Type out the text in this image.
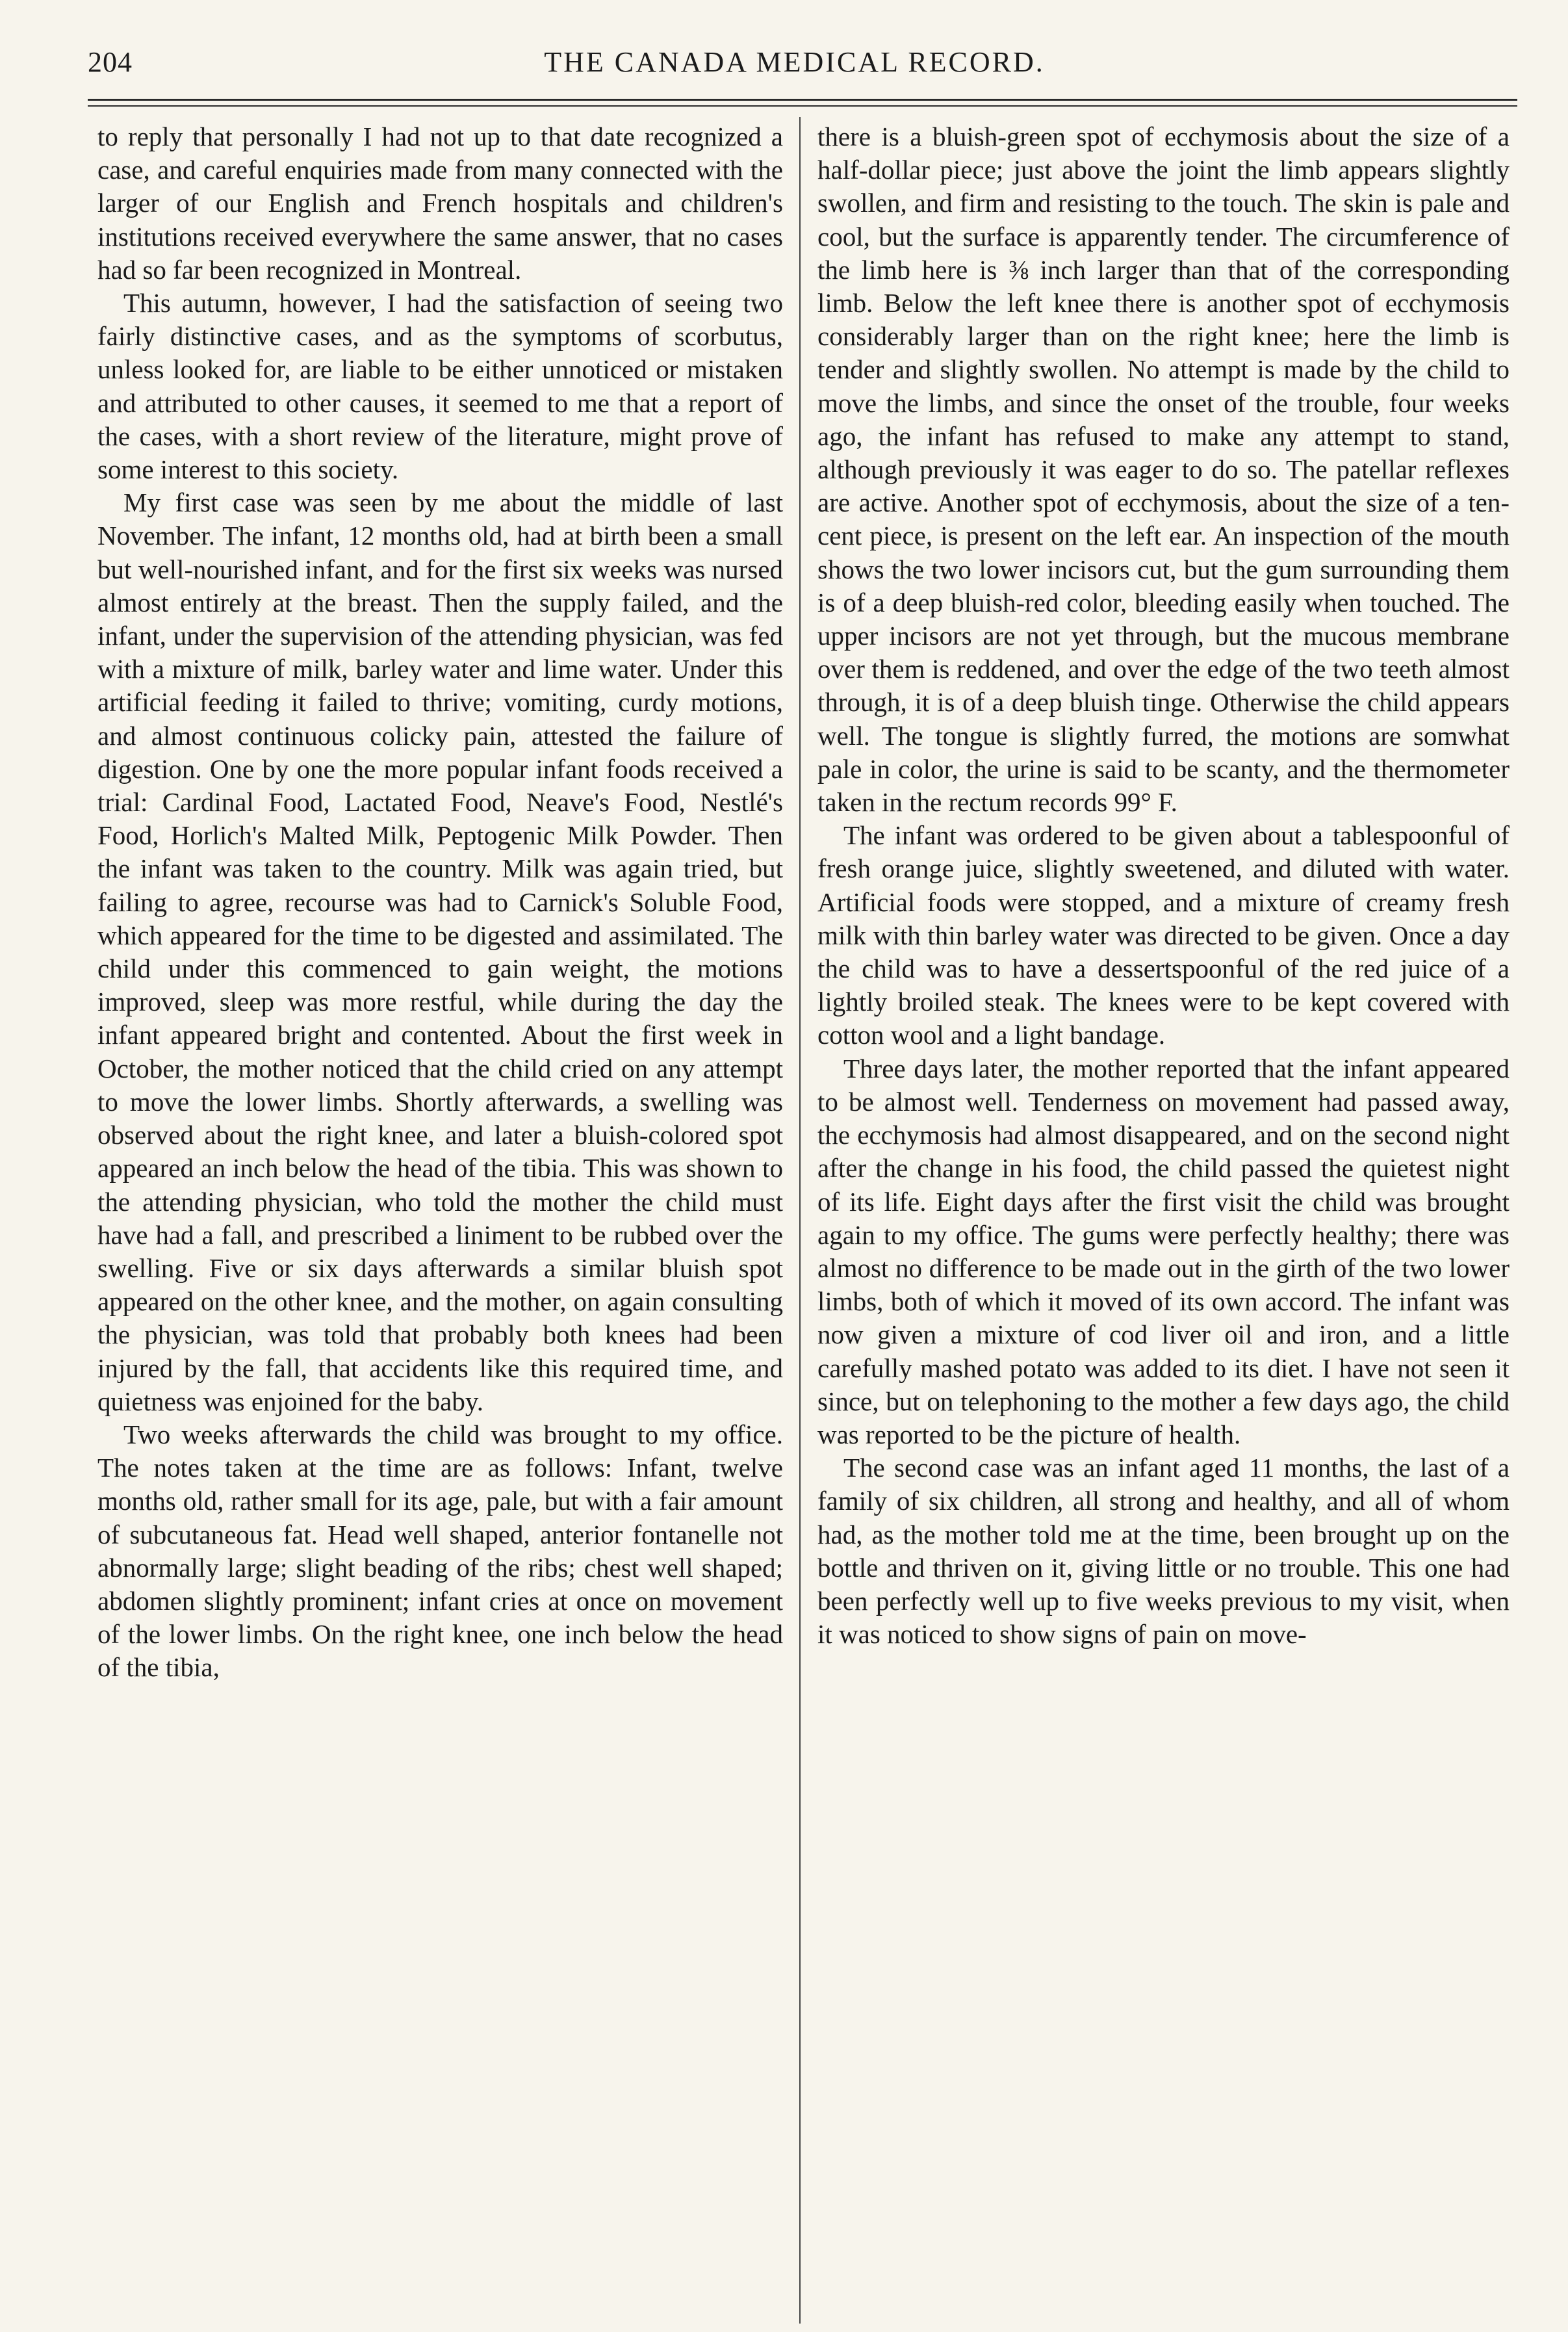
204	THE CANADA MEDICAL RECORD.

to reply that personally I had not up to that date recognized a case, and careful enquiries made from many connected with the larger of our English and French hospitals and children's institutions received everywhere the same answer, that no cases had so far been recognized in Montreal.

This autumn, however, I had the satisfaction of seeing two fairly distinctive cases, and as the symptoms of scorbutus, unless looked for, are liable to be either unnoticed or mistaken and attributed to other causes, it seemed to me that a report of the cases, with a short review of the literature, might prove of some interest to this society.

My first case was seen by me about the middle of last November. The infant, 12 months old, had at birth been a small but well-nourished infant, and for the first six weeks was nursed almost entirely at the breast. Then the supply failed, and the infant, under the supervision of the attending physician, was fed with a mixture of milk, barley water and lime water. Under this artificial feeding it failed to thrive; vomiting, curdy motions, and almost continuous colicky pain, attested the failure of digestion. One by one the more popular infant foods received a trial: Cardinal Food, Lactated Food, Neave's Food, Nestlé's Food, Horlich's Malted Milk, Peptogenic Milk Powder. Then the infant was taken to the country. Milk was again tried, but failing to agree, recourse was had to Carnick's Soluble Food, which appeared for the time to be digested and assimilated. The child under this commenced to gain weight, the motions improved, sleep was more restful, while during the day the infant appeared bright and contented. About the first week in October, the mother noticed that the child cried on any attempt to move the lower limbs. Shortly afterwards, a swelling was observed about the right knee, and later a bluish-colored spot appeared an inch below the head of the tibia. This was shown to the attending physician, who told the mother the child must have had a fall, and prescribed a liniment to be rubbed over the swelling. Five or six days afterwards a similar bluish spot appeared on the other knee, and the mother, on again consulting the physician, was told that probably both knees had been injured by the fall, that accidents like this required time, and quietness was enjoined for the baby.

Two weeks afterwards the child was brought to my office. The notes taken at the time are as follows: Infant, twelve months old, rather small for its age, pale, but with a fair amount of subcutaneous fat. Head well shaped, anterior fontanelle not abnormally large; slight beading of the ribs; chest well shaped; abdomen slightly prominent; infant cries at once on movement of the lower limbs. On the right knee, one inch below the head of the tibia,

there is a bluish-green spot of ecchymosis about the size of a half-dollar piece; just above the joint the limb appears slightly swollen, and firm and resisting to the touch. The skin is pale and cool, but the surface is apparently tender. The circumference of the limb here is ⅜ inch larger than that of the corresponding limb. Below the left knee there is another spot of ecchymosis considerably larger than on the right knee; here the limb is tender and slightly swollen. No attempt is made by the child to move the limbs, and since the onset of the trouble, four weeks ago, the infant has refused to make any attempt to stand, although previously it was eager to do so. The patellar reflexes are active. Another spot of ecchymosis, about the size of a ten-cent piece, is present on the left ear. An inspection of the mouth shows the two lower incisors cut, but the gum surrounding them is of a deep bluish-red color, bleeding easily when touched. The upper incisors are not yet through, but the mucous membrane over them is reddened, and over the edge of the two teeth almost through, it is of a deep bluish tinge. Otherwise the child appears well. The tongue is slightly furred, the motions are somwhat pale in color, the urine is said to be scanty, and the thermometer taken in the rectum records 99° F.

The infant was ordered to be given about a tablespoonful of fresh orange juice, slightly sweetened, and diluted with water. Artificial foods were stopped, and a mixture of creamy fresh milk with thin barley water was directed to be given. Once a day the child was to have a dessertspoonful of the red juice of a lightly broiled steak. The knees were to be kept covered with cotton wool and a light bandage.

Three days later, the mother reported that the infant appeared to be almost well. Tenderness on movement had passed away, the ecchymosis had almost disappeared, and on the second night after the change in his food, the child passed the quietest night of its life. Eight days after the first visit the child was brought again to my office. The gums were perfectly healthy; there was almost no difference to be made out in the girth of the two lower limbs, both of which it moved of its own accord. The infant was now given a mixture of cod liver oil and iron, and a little carefully mashed potato was added to its diet. I have not seen it since, but on telephoning to the mother a few days ago, the child was reported to be the picture of health.

The second case was an infant aged 11 months, the last of a family of six children, all strong and healthy, and all of whom had, as the mother told me at the time, been brought up on the bottle and thriven on it, giving little or no trouble. This one had been perfectly well up to five weeks previous to my visit, when it was noticed to show signs of pain on move-
